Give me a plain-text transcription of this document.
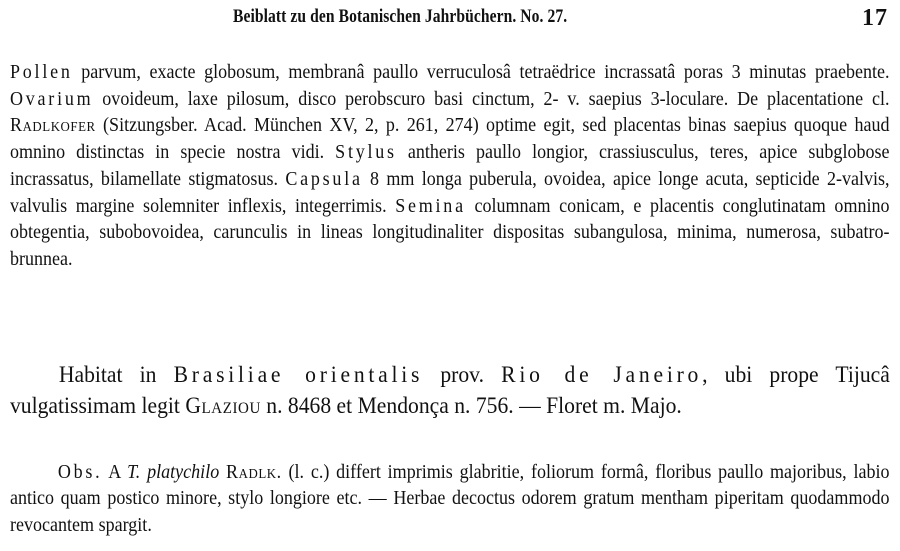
Beiblatt zu den Botanischen Jahrbüchern. No. 27.	17

Pollen parvum, exacte globosum, membranâ paullo verruculosâ tetraëdrice incrassatâ poras 3 minutas praebente. Ovarium ovoideum, laxe pilosum, disco perobscuro basi cinctum, 2- v. saepius 3-loculare. De placentatione cl. Radlkofer (Sitzungsber. Acad. München XV, 2, p. 261, 274) optime egit, sed placentas binas saepius quoque haud omnino distinctas in specie nostra vidi. Stylus antheris paullo longior, crassiusculus, teres, apice subglobose incrassatus, bilamellate stigmatosus. Capsula 8 mm longa puberula, ovoidea, apice longe acuta, septicide 2-valvis, valvulis margine solemniter inflexis, integerrimis. Semina columnam conicam, e placentis conglutinatam omnino obtegentia, subobovoidea, carunculis in lineas longitudinaliter dispositas subangulosa, minima, numerosa, subatro-brunnea.

Habitat in Brasiliae orientalis prov. Rio de Janeiro, ubi prope Tijucâ vulgatissimam legit Glaziou n. 8468 et Mendonça n. 756. — Floret m. Majo.

Obs. A T. platychilo Radlk. (l. c.) differt imprimis glabritie, foliorum formâ, floribus paullo majoribus, labio antico quam postico minore, stylo longiore etc. — Herbae decoctus odorem gratum mentham piperitam quodammodo revocantem spargit.
